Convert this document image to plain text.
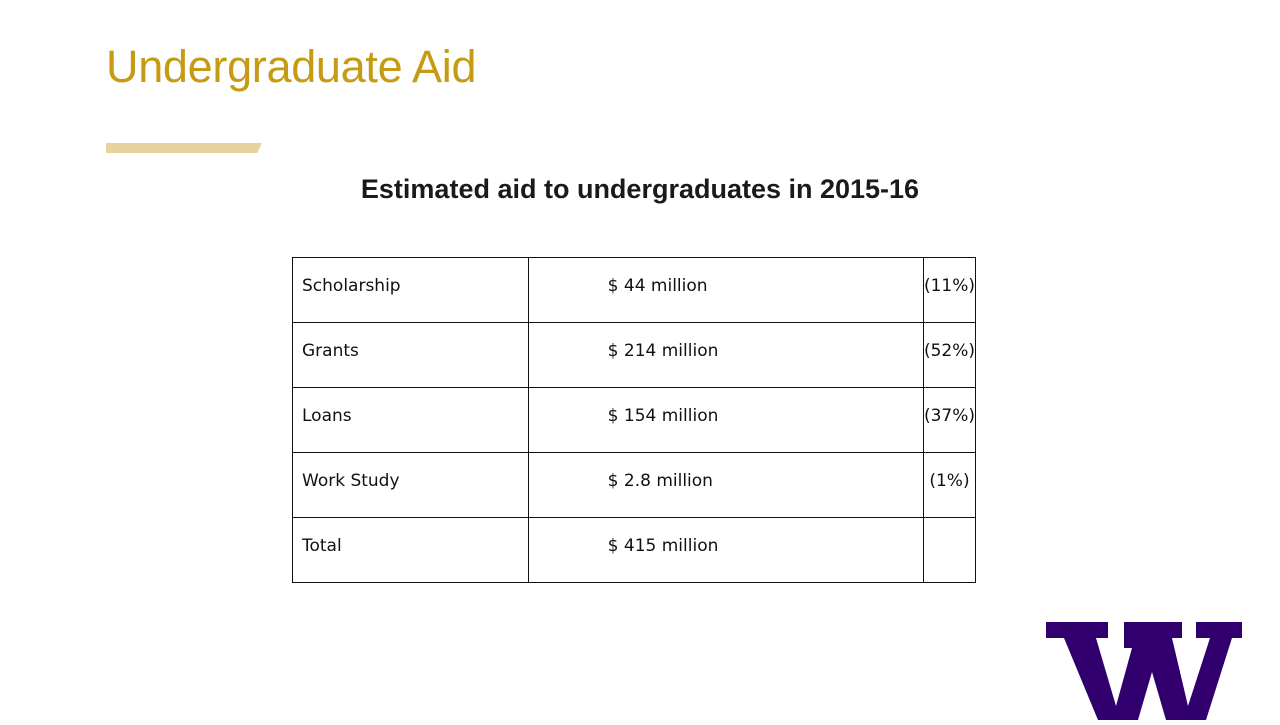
Undergraduate Aid
Estimated aid to undergraduates in 2015-16
Scholarship	$ 44 million	(11%)
Grants	$ 214 million	(52%)
Loans	$ 154 million	(37%)
Work Study	$ 2.8 million	(1%)
Total	$ 415 million	
